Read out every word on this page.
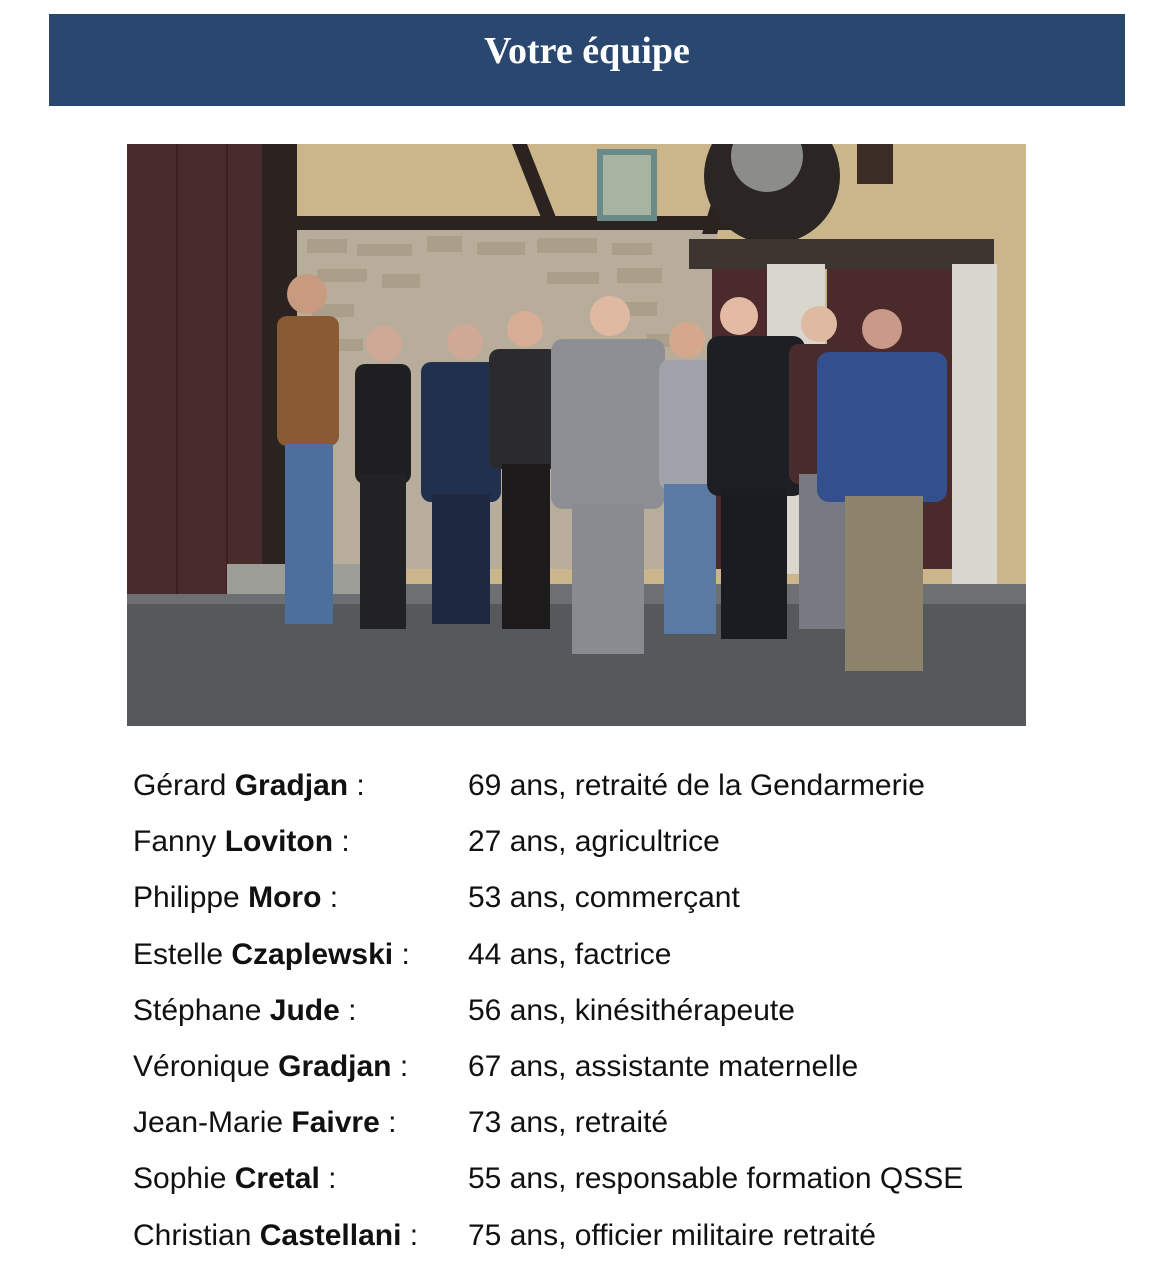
Votre équipe
Gérard Gradjan :	69 ans, retraité de la Gendarmerie
Fanny Loviton :	27 ans, agricultrice
Philippe Moro :	53 ans, commerçant
Estelle Czaplewski : 44 ans, factrice
Stéphane Jude :	56 ans, kinésithérapeute
Véronique Gradjan : 67 ans, assistante maternelle
Jean-Marie Faivre : 73 ans, retraité
Sophie Cretal :	55 ans, responsable formation QSSE
Christian Castellani : 75 ans, officier militaire retraité
